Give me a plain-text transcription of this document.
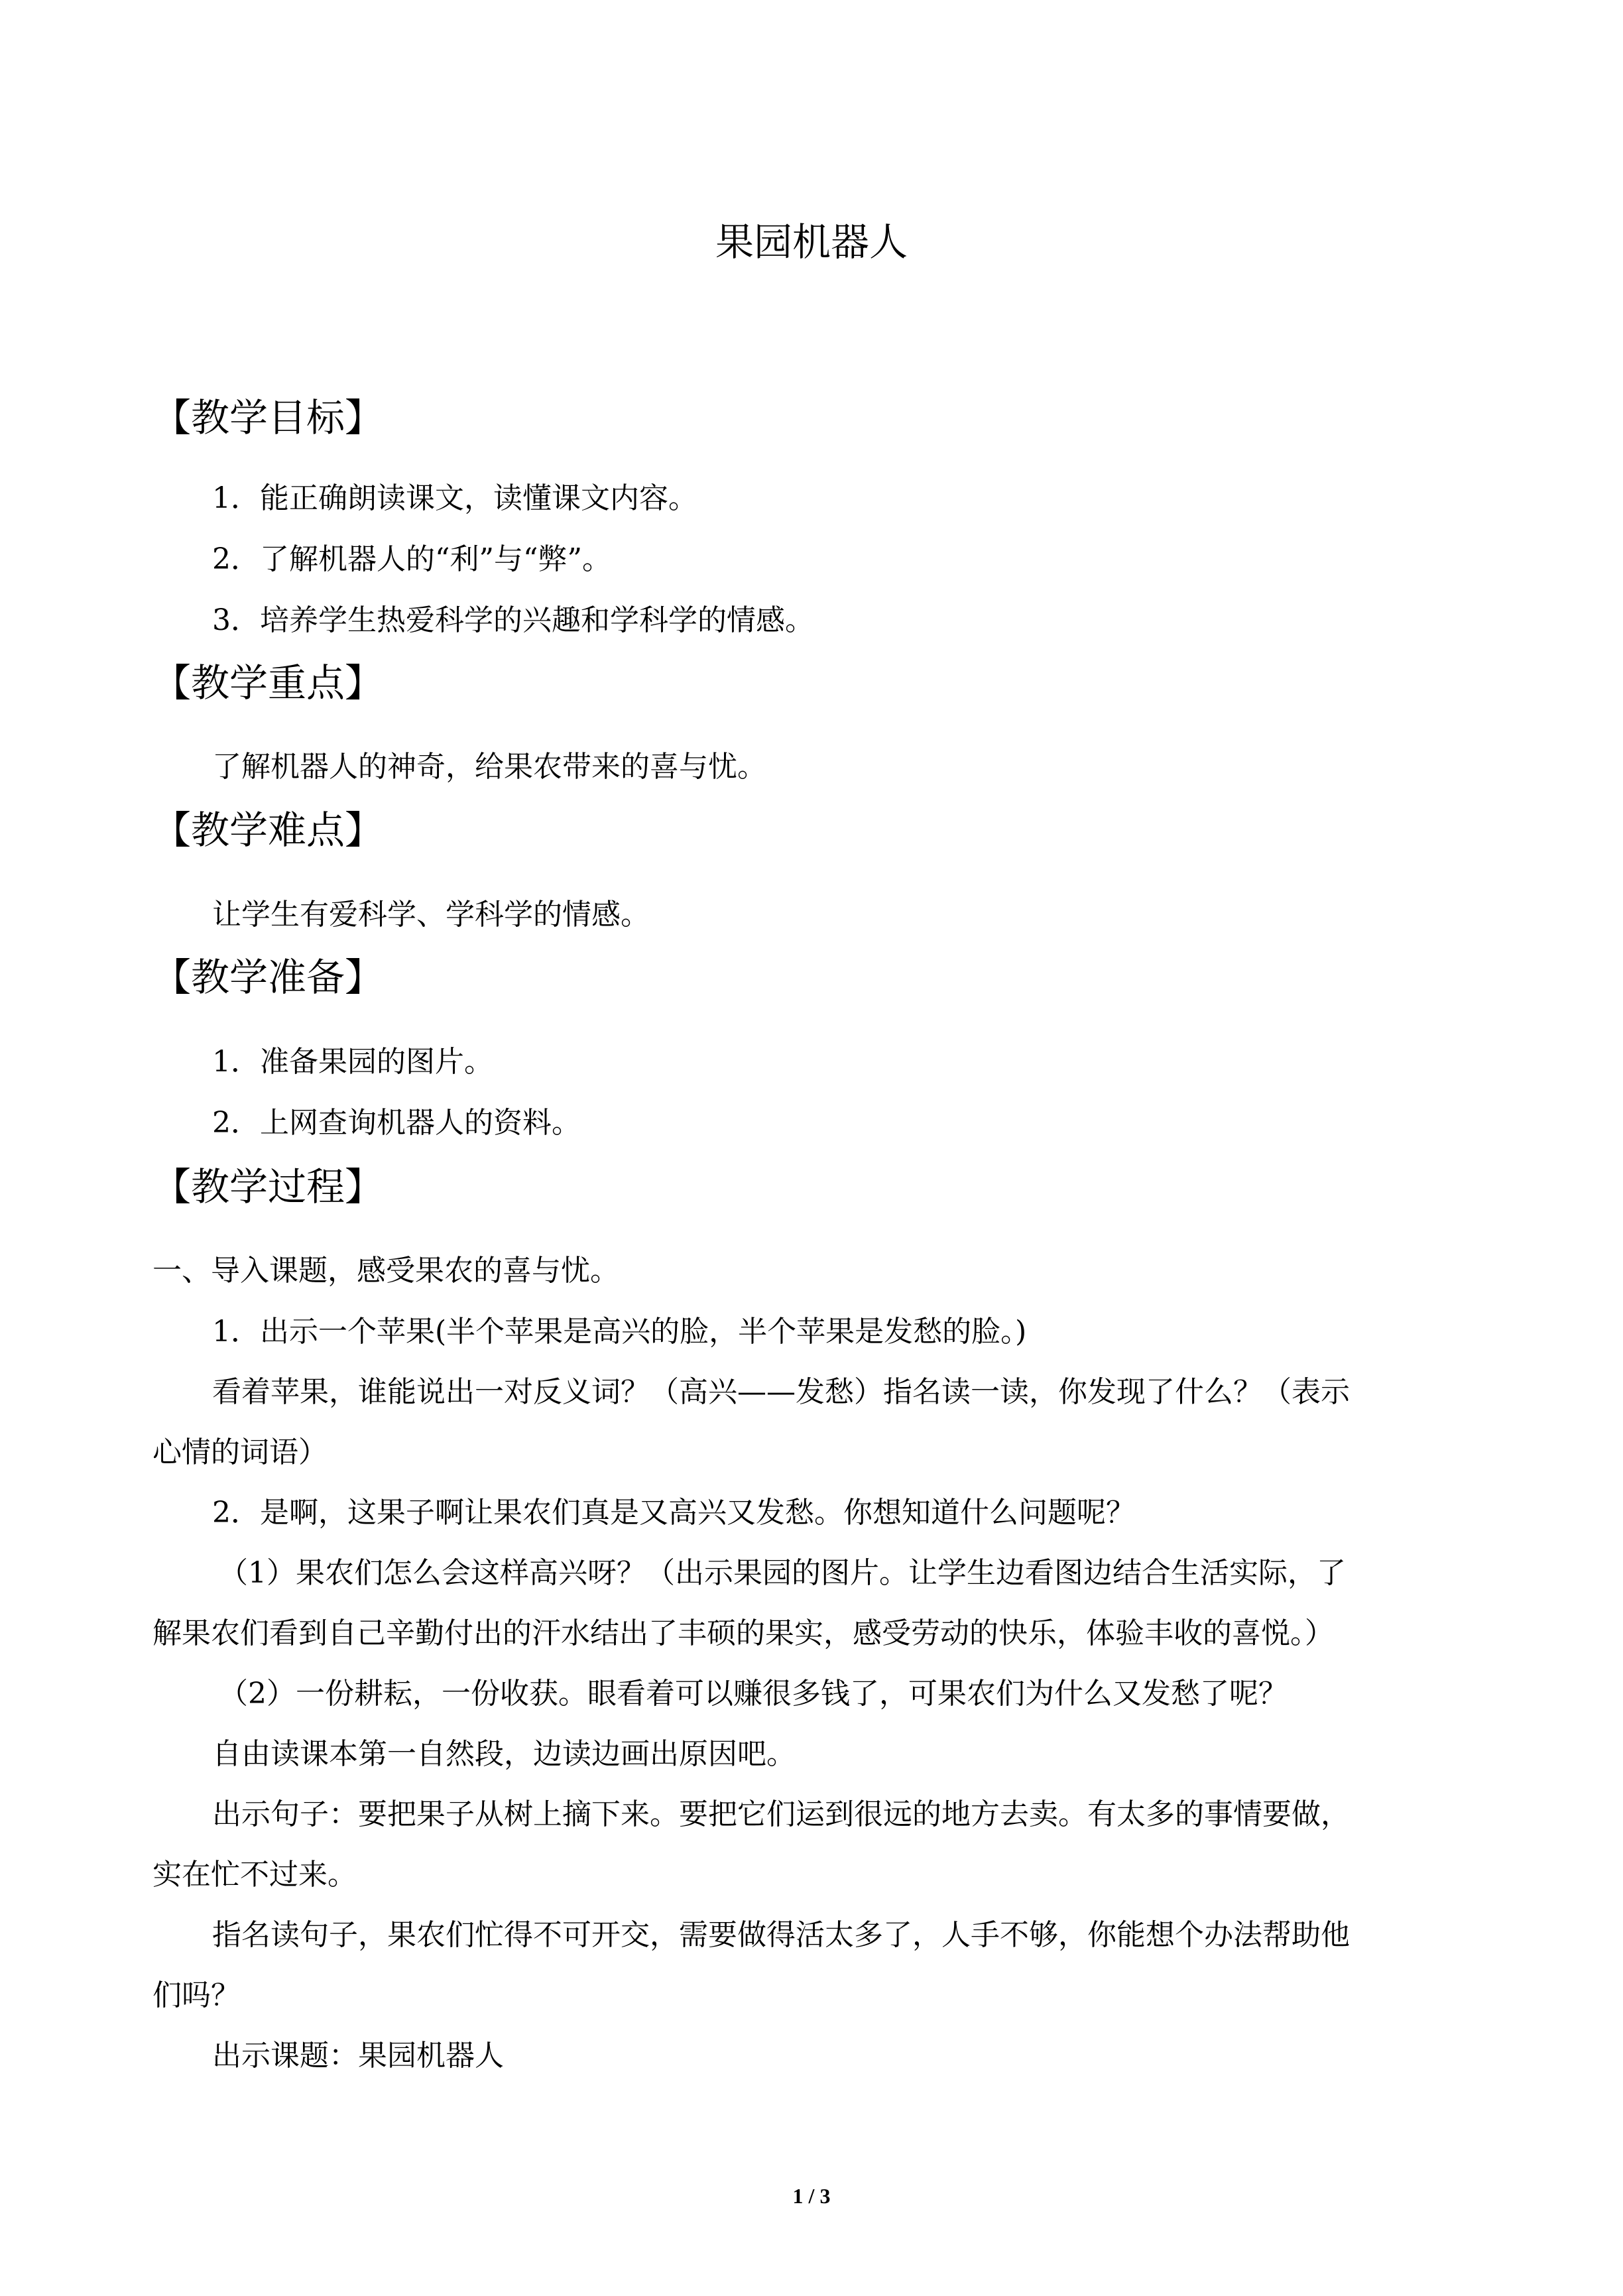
果园机器人
【教学目标】
1．能正确朗读课文，读懂课文内容。
2．了解机器人的“利”与“弊”。
3．培养学生热爱科学的兴趣和学科学的情感。
【教学重点】
了解机器人的神奇，给果农带来的喜与忧。
【教学难点】
让学生有爱科学、学科学的情感。
【教学准备】
1．准备果园的图片。
2．上网查询机器人的资料。
【教学过程】
一、导入课题，感受果农的喜与忧。
1．出示一个苹果(半个苹果是高兴的脸，半个苹果是发愁的脸。)
看着苹果，谁能说出一对反义词？（高兴——发愁）指名读一读，你发现了什么？（表示
心情的词语）
2．是啊，这果子啊让果农们真是又高兴又发愁。你想知道什么问题呢？
（1）果农们怎么会这样高兴呀？（出示果园的图片。让学生边看图边结合生活实际，了
解果农们看到自己辛勤付出的汗水结出了丰硕的果实，感受劳动的快乐，体验丰收的喜悦。）
（2）一份耕耘，一份收获。眼看着可以赚很多钱了，可果农们为什么又发愁了呢？
自由读课本第一自然段，边读边画出原因吧。
出示句子：要把果子从树上摘下来。要把它们运到很远的地方去卖。有太多的事情要做，
实在忙不过来。
指名读句子，果农们忙得不可开交，需要做得活太多了，人手不够，你能想个办法帮助他
们吗？
出示课题：果园机器人
1 / 3
